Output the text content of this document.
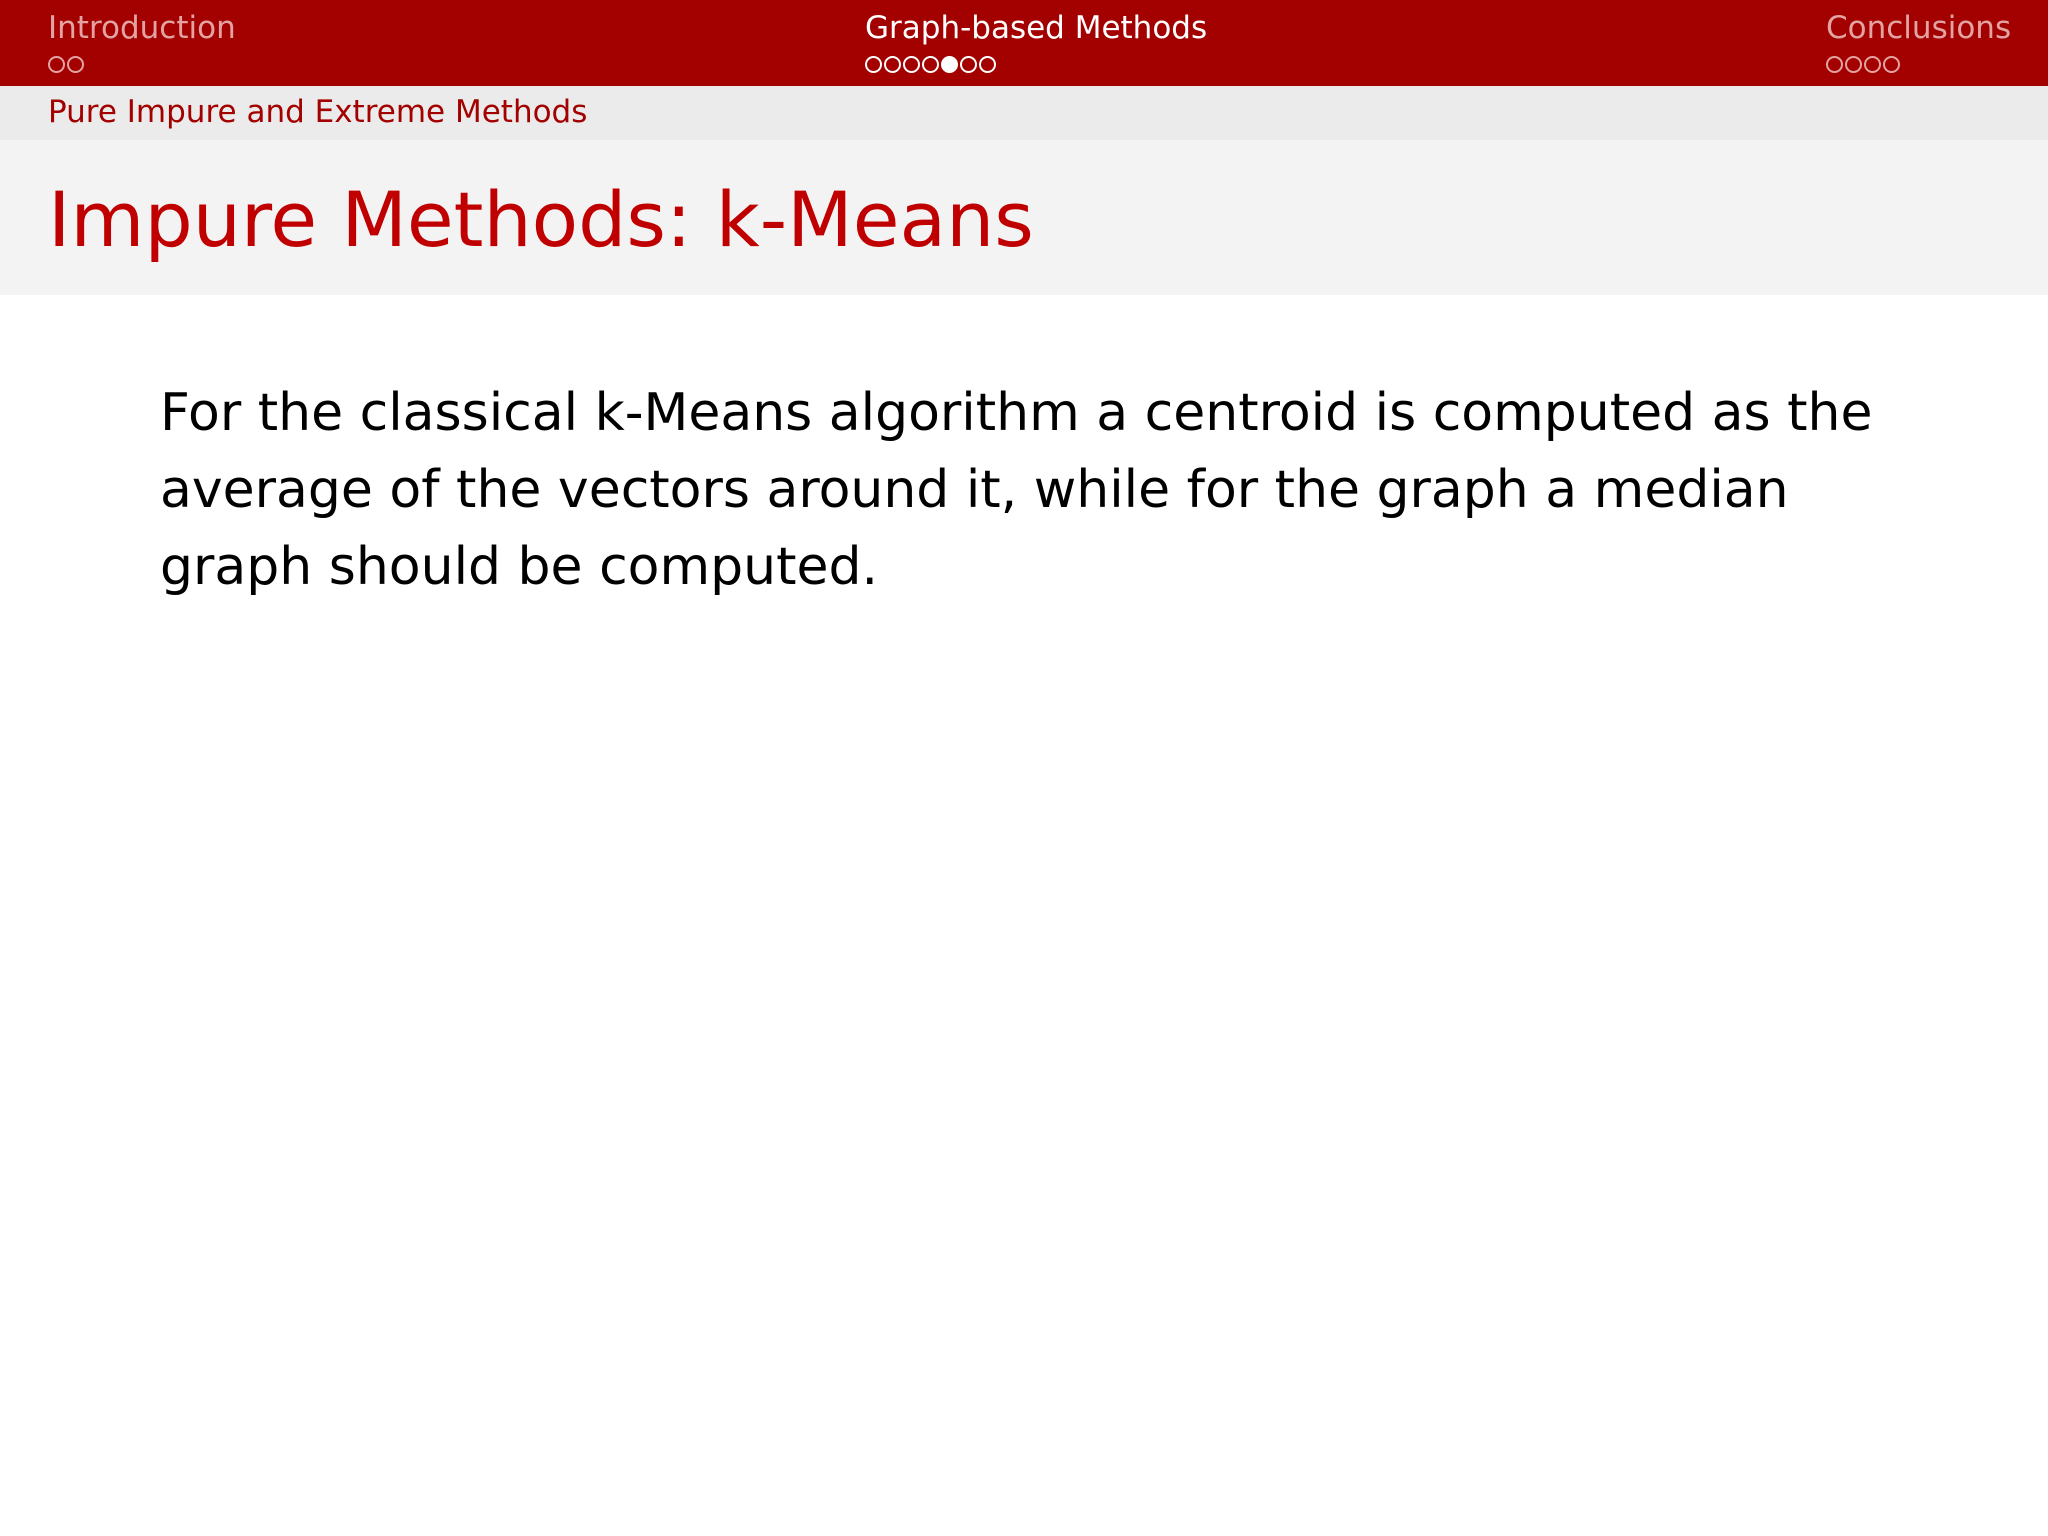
Introduction	Graph-based Methods	Conclusions
Pure Impure and Extreme Methods
Impure Methods: k-Means

For the classical k-Means algorithm a centroid is computed as the average of the vectors around it, while for the graph a median graph should be computed.
